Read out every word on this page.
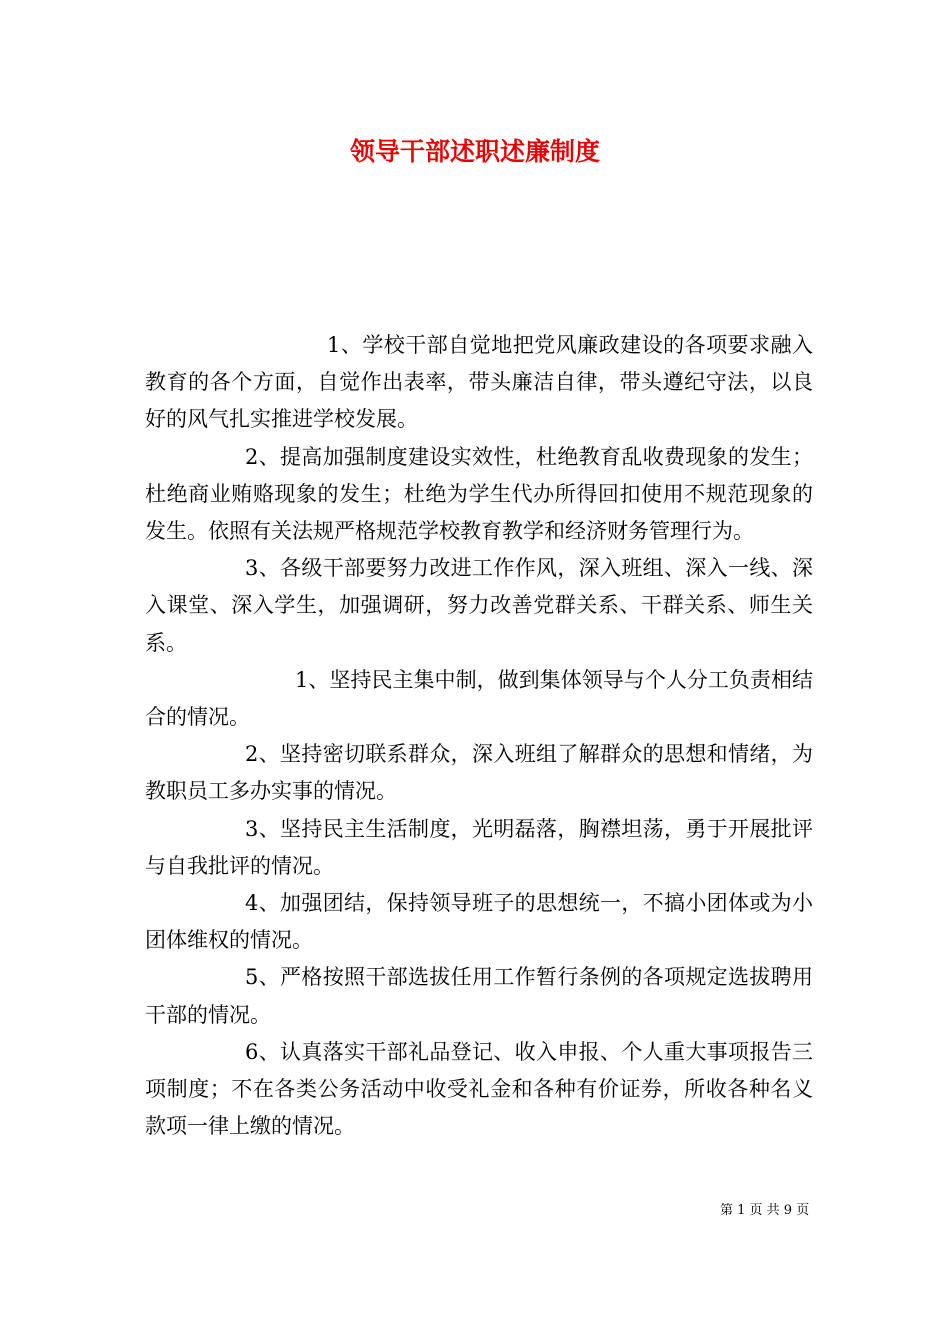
领导干部述职述廉制度

1、学校干部自觉地把党风廉政建设的各项要求融入教育的各个方面，自觉作出表率，带头廉洁自律，带头遵纪守法，以良好的风气扎实推进学校发展。

2、提高加强制度建设实效性，杜绝教育乱收费现象的发生；杜绝商业贿赂现象的发生；杜绝为学生代办所得回扣使用不规范现象的发生。依照有关法规严格规范学校教育教学和经济财务管理行为。

3、各级干部要努力改进工作作风，深入班组、深入一线、深入课堂、深入学生，加强调研，努力改善党群关系、干群关系、师生关系。

1、坚持民主集中制，做到集体领导与个人分工负责相结合的情况。

2、坚持密切联系群众，深入班组了解群众的思想和情绪，为教职员工多办实事的情况。

3、坚持民主生活制度，光明磊落，胸襟坦荡，勇于开展批评与自我批评的情况。

4、加强团结，保持领导班子的思想统一，不搞小团体或为小团体维权的情况。

5、严格按照干部选拔任用工作暂行条例的各项规定选拔聘用干部的情况。

6、认真落实干部礼品登记、收入申报、个人重大事项报告三项制度；不在各类公务活动中收受礼金和各种有价证券，所收各种名义款项一律上缴的情况。

第 1 页 共 9 页
